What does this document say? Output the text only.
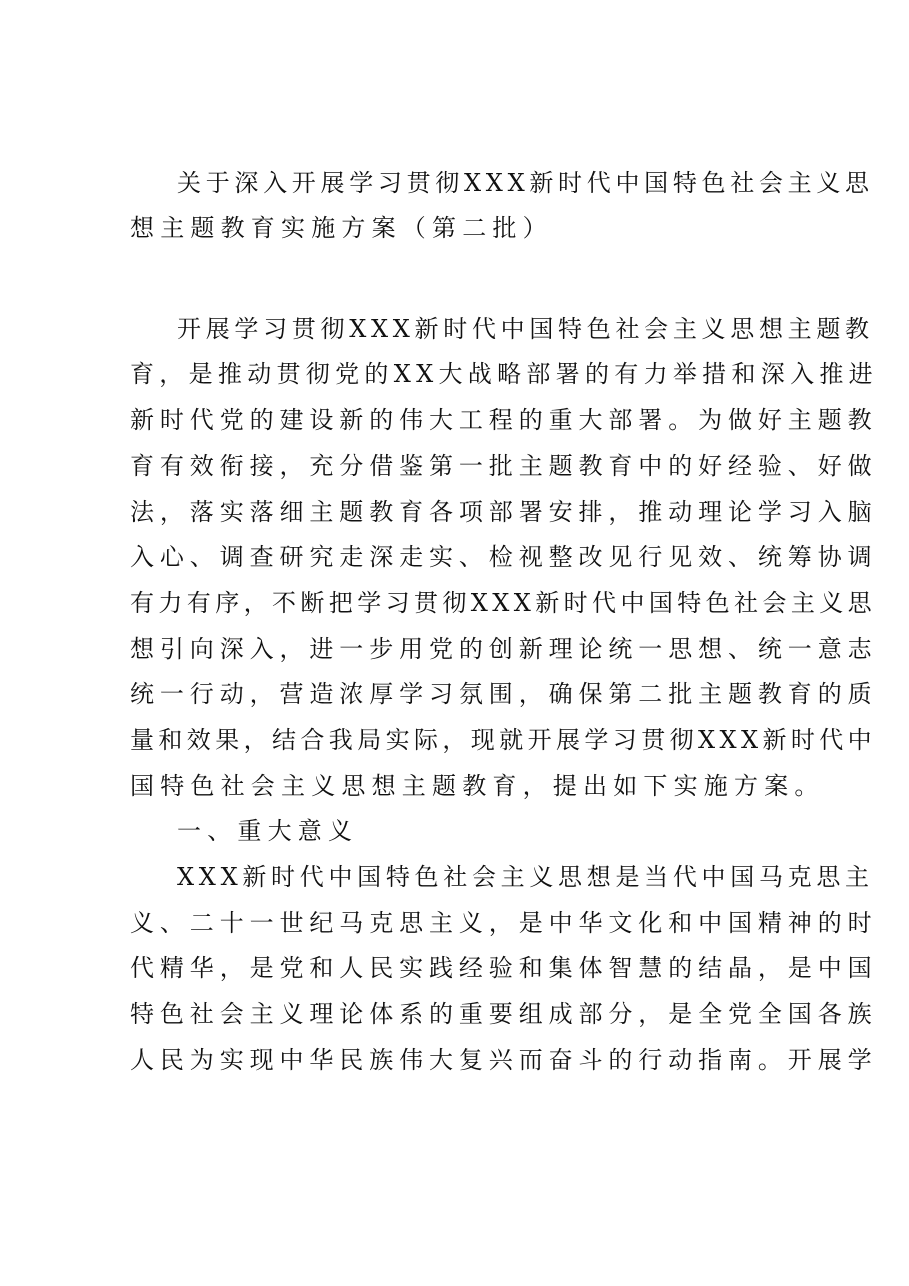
关于深入开展学习贯彻XXX新时代中国特色社会主义思
想主题教育实施方案（第二批）
开展学习贯彻XXX新时代中国特色社会主义思想主题教
育，是推动贯彻党的XX大战略部署的有力举措和深入推进
新时代党的建设新的伟大工程的重大部署。为做好主题教
育有效衔接，充分借鉴第一批主题教育中的好经验、好做
法，落实落细主题教育各项部署安排，推动理论学习入脑
入心、调查研究走深走实、检视整改见行见效、统筹协调
有力有序，不断把学习贯彻XXX新时代中国特色社会主义思
想引向深入，进一步用党的创新理论统一思想、统一意志
统一行动，营造浓厚学习氛围，确保第二批主题教育的质
量和效果，结合我局实际，现就开展学习贯彻XXX新时代中
国特色社会主义思想主题教育，提出如下实施方案。
一、重大意义
XXX新时代中国特色社会主义思想是当代中国马克思主
义、二十一世纪马克思主义，是中华文化和中国精神的时
代精华，是党和人民实践经验和集体智慧的结晶，是中国
特色社会主义理论体系的重要组成部分，是全党全国各族
人民为实现中华民族伟大复兴而奋斗的行动指南。开展学
